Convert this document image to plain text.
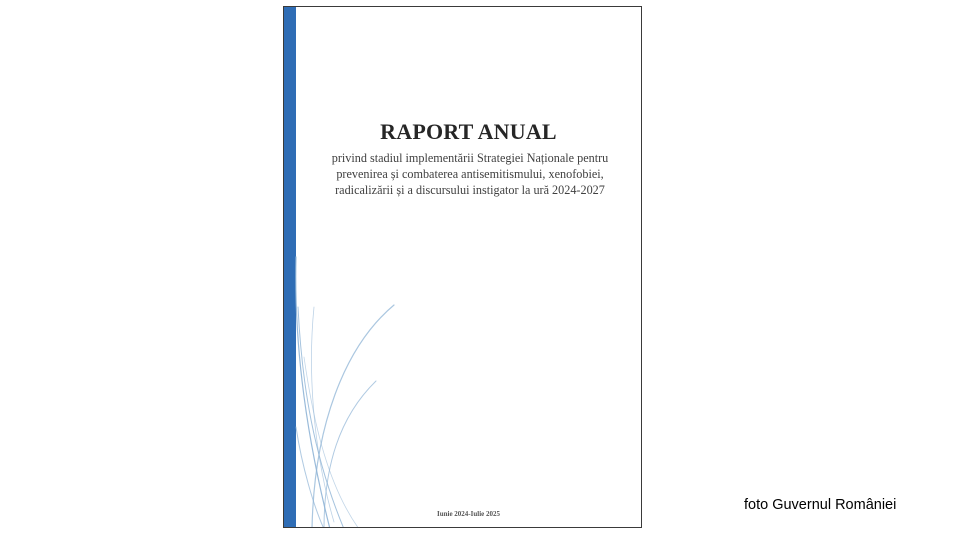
RAPORT ANUAL

privind stadiul implementării Strategiei Naționale pentru prevenirea și combaterea antisemitismului, xenofobiei, radicalizării și a discursului instigator la ură 2024-2027

Iunie 2024-Iulie 2025
foto Guvernul României
